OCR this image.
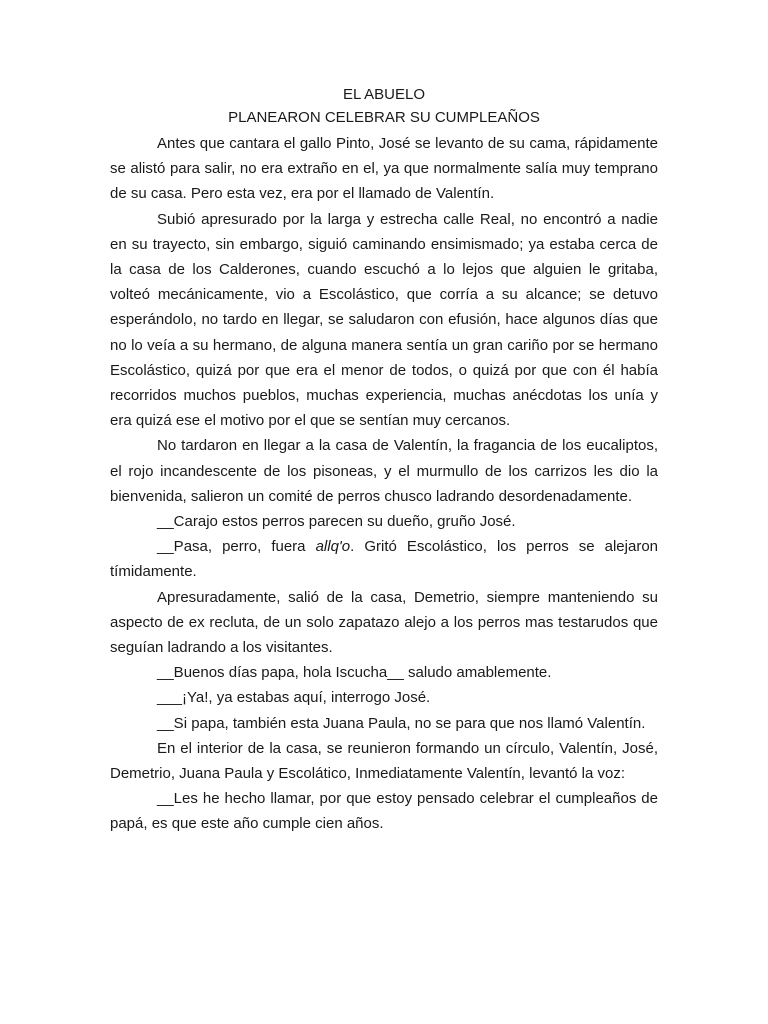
EL ABUELO
PLANEARON CELEBRAR SU CUMPLEAÑOS

Antes que cantara el gallo Pinto, José se levanto de su cama, rápidamente se alistó para salir, no era extraño en el, ya que normalmente salía muy temprano de su casa. Pero esta vez, era por el llamado de Valentín.

Subió apresurado por la larga y estrecha calle Real, no encontró a nadie en su trayecto, sin embargo, siguió caminando ensimismado; ya estaba cerca de la casa de los Calderones, cuando escuchó a lo lejos que alguien le gritaba, volteó mecánicamente, vio a Escolástico, que corría a su alcance; se detuvo esperándolo, no tardo en llegar, se saludaron con efusión, hace algunos días que no lo veía a su hermano, de alguna manera sentía un gran cariño por se hermano Escolástico, quizá por que era el menor de todos, o quizá por que con él había recorridos muchos pueblos, muchas experiencia, muchas anécdotas los unía y era quizá ese el motivo por el que se sentían muy cercanos.

No tardaron en llegar a la casa de Valentín, la fragancia de los eucaliptos, el rojo incandescente de los pisoneas, y el murmullo de los carrizos les dio la bienvenida, salieron un comité de perros chusco ladrando desordenadamente.

__Carajo estos perros parecen su dueño, gruño José.

__Pasa, perro, fuera allq'o. Gritó Escolástico, los perros se alejaron tímidamente.

Apresuradamente, salió de la casa, Demetrio, siempre manteniendo su aspecto de ex recluta, de un solo zapatazo alejo a los perros mas testarudos que seguían ladrando a los visitantes.

__Buenos días papa, hola Iscucha__ saludo amablemente.

___¡Ya!, ya estabas aquí, interrogo José.

__Si papa, también esta Juana Paula, no se para que nos llamó Valentín.

En el interior de la casa, se reunieron formando un círculo, Valentín, José, Demetrio, Juana Paula y Escolático, Inmediatamente Valentín, levantó la voz:

__Les he hecho llamar, por que estoy pensado celebrar el cumpleaños de papá, es que este año cumple cien años.
